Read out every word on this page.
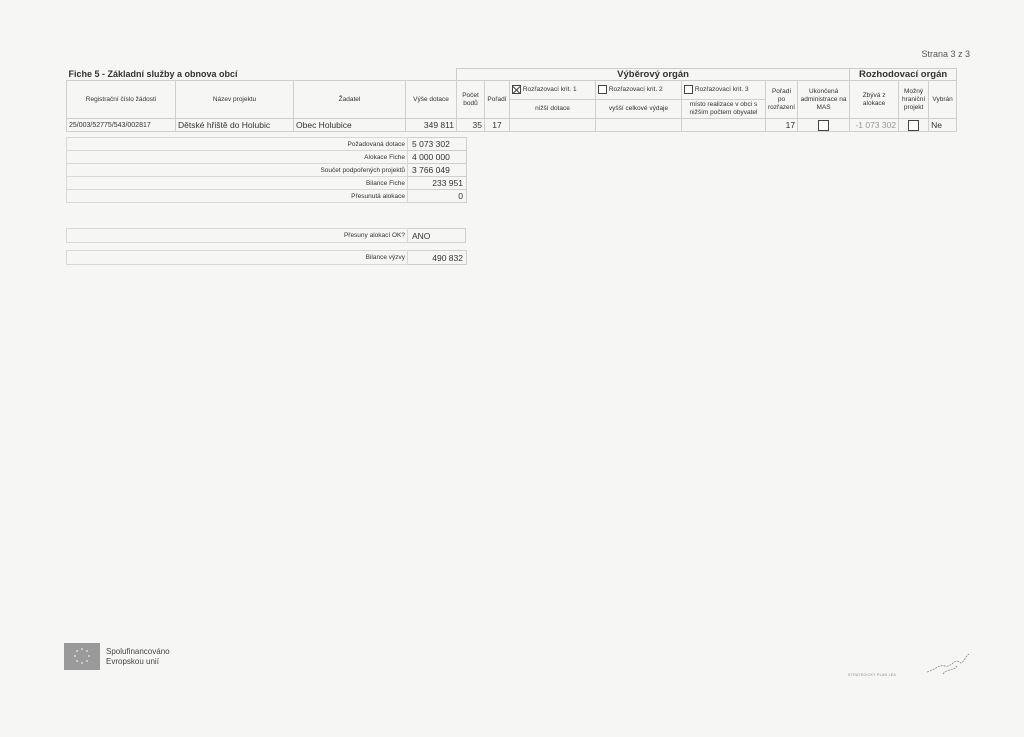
Strana 3 z 3
Fiche 5 - Základní služby a obnova obcí				Výběrový orgán							Rozhodovací orgán		
Registrační číslo žádosti	Název projektu	Žadatel	Výše dotace	Počet bodů	Pořadí	Rozřazovací krit. 1	Rozřazovací krit. 2	Rozřazovací krit. 3	Pořadí po rozřazení	Ukončená administrace na MAS	Zbývá z alokace	Možný hraniční projekt	Vybrán
						nižší dotace	vyšší celkové výdaje	místo realizace v obci s nižším počtem obyvatel					
25/003/52775/543/002817	Dětské hřiště do Holubic	Obec Holubice	349 811	35	17				17		-1 073 302		Ne
Požadovaná dotace	5 073 302
Alokace Fiche	4 000 000
Součet podpořených projektů	3 766 049
Bilance Fiche	233 951
Přesunutá alokace	0
Přesuny alokací OK?	ANO
Bilance výzvy	490 832
Spolufinancováno
Evropskou unií
STRATEGICKY PLAN LEA
